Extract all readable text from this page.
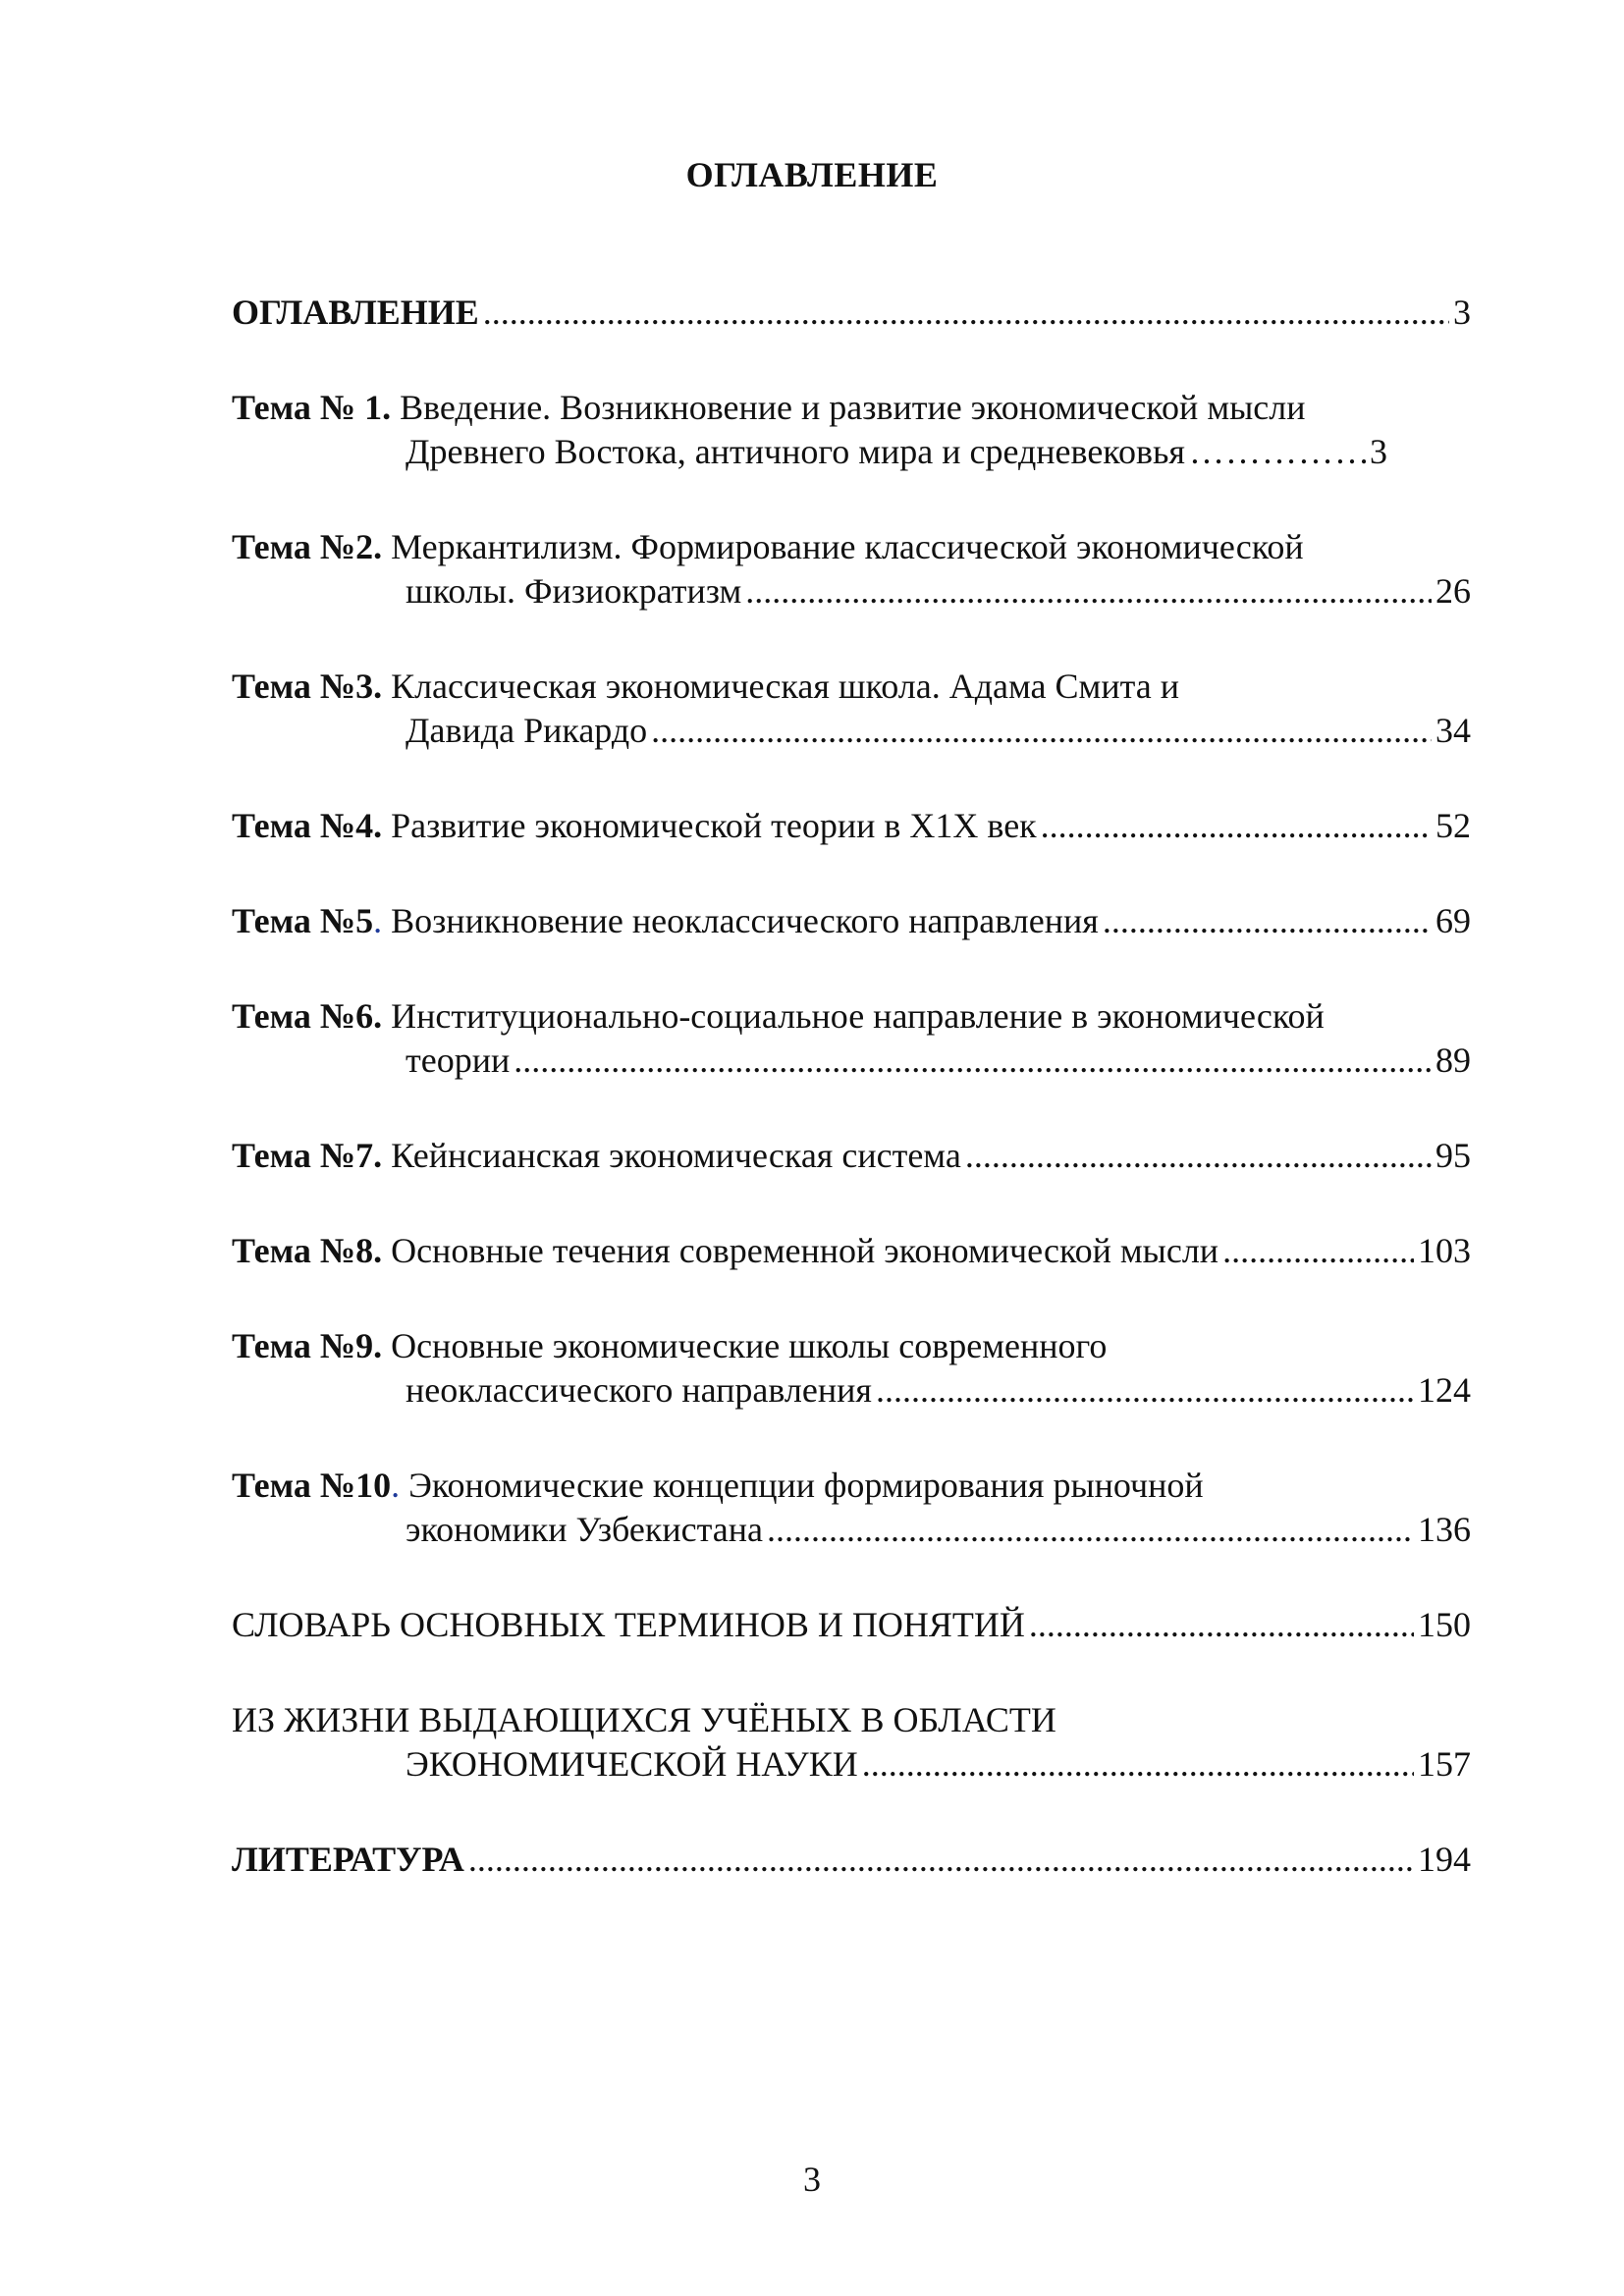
ОГЛАВЛЕНИЕ
ОГЛАВЛЕНИЕ .....	3
Тема № 1.
Введение. Возникновение и развитие экономической мысли
Древнего Востока, античного мира и средневековья ……………………………………………………………………………………………………………………………………………………………………………	3
Тема №2.
Меркантилизм. Формирование классической экономической
школы. Физиократизм .....	26
Тема №3.
Классическая экономическая школа. Адама Смита и
Давида Рикардо .....	34
Тема №4.
Развитие экономической теории в Х1Х век .....	52
Тема №5.
Возникновение неоклассического направления .....	69
Тема №6.
Институционально-социальное направление в экономической
теории .....	89
Тема №7.
Кейнсианская экономическая система .....	95
Тема №8.
Основные течения современной экономической мысли .....	103
Тема №9.
Основные экономические школы современного
неоклассического направления .....	124
Тема №10.
Экономические концепции формирования рыночной
экономики Узбекистана .....	136
СЛОВАРЬ ОСНОВНЫХ ТЕРМИНОВ И ПОНЯТИЙ .....	150
ИЗ ЖИЗНИ ВЫДАЮЩИХСЯ УЧЁНЫХ В ОБЛАСТИ
ЭКОНОМИЧЕСКОЙ НАУКИ .....	157
ЛИТЕРАТУРА .....	194
3
